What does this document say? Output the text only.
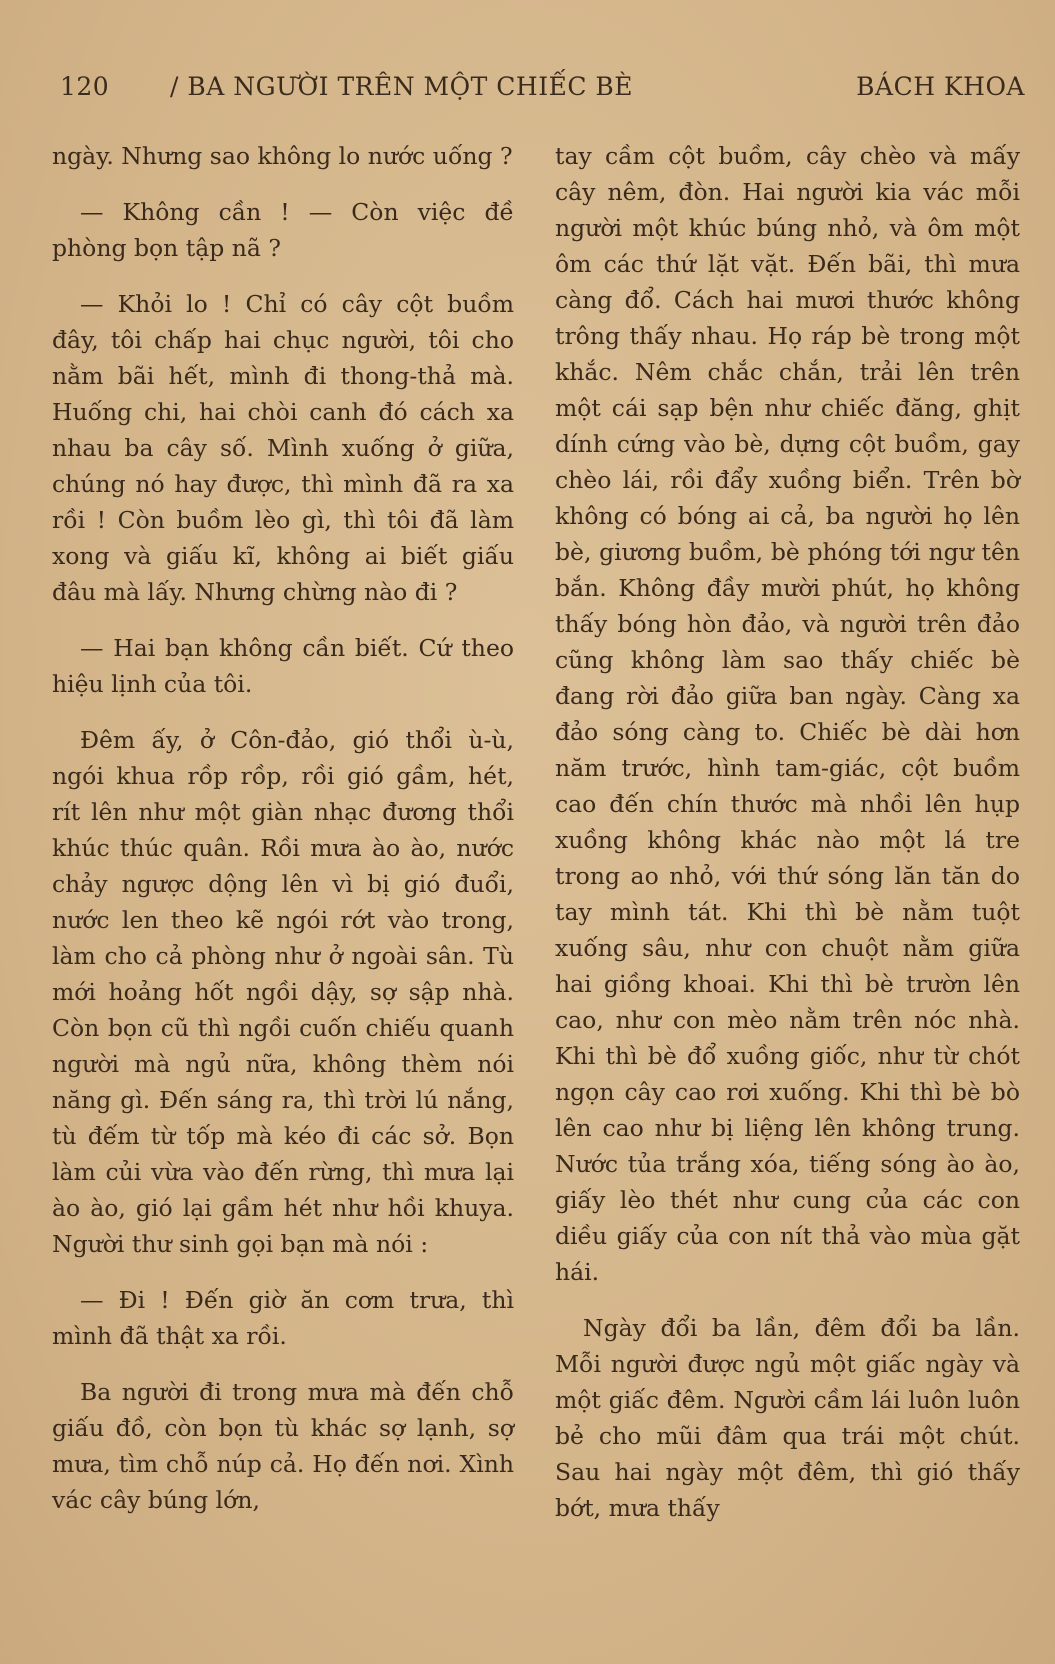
120 / BA NGƯỜI TRÊN MỘT CHIẾC BÈ	BÁCH KHOA

ngày. Nhưng sao không lo nước uống ?

— Không cần ! — Còn việc đề phòng bọn tập nã ?

— Khỏi lo ! Chỉ có cây cột buồm đây, tôi chấp hai chục người, tôi cho nằm bãi hết, mình đi thong-thả mà. Huống chi, hai chòi canh đó cách xa nhau ba cây số. Mình xuống ở giữa, chúng nó hay được, thì mình đã ra xa rồi ! Còn buồm lèo gì, thì tôi đã làm xong và giấu kĩ, không ai biết giấu đâu mà lấy. Nhưng chừng nào đi ?

— Hai bạn không cần biết. Cứ theo hiệu lịnh của tôi.

Đêm ấy, ở Côn-đảo, gió thổi ù-ù, ngói khua rồp rồp, rồi gió gầm, hét, rít lên như một giàn nhạc đương thổi khúc thúc quân. Rồi mưa ào ào, nước chảy ngược dộng lên vì bị gió đuổi, nước len theo kẽ ngói rớt vào trong, làm cho cả phòng như ở ngoài sân. Tù mới hoảng hốt ngồi dậy, sợ sập nhà. Còn bọn cũ thì ngồi cuốn chiếu quanh người mà ngủ nữa, không thèm nói năng gì. Đến sáng ra, thì trời lú nắng, tù đếm từ tốp mà kéo đi các sở. Bọn làm củi vừa vào đến rừng, thì mưa lại ào ào, gió lại gầm hét như hồi khuya. Người thư sinh gọi bạn mà nói :

— Đi ! Đến giờ ăn cơm trưa, thì mình đã thật xa rồi.

Ba người đi trong mưa mà đến chỗ giấu đồ, còn bọn tù khác sợ lạnh, sợ mưa, tìm chỗ núp cả. Họ đến nơi. Xình vác cây búng lớn,

tay cầm cột buồm, cây chèo và mấy cây nêm, đòn. Hai người kia vác mỗi người một khúc búng nhỏ, và ôm một ôm các thứ lặt vặt. Đến bãi, thì mưa càng đổ. Cách hai mươi thước không trông thấy nhau. Họ ráp bè trong một khắc. Nêm chắc chắn, trải lên trên một cái sạp bện như chiếc đăng, ghịt dính cứng vào bè, dựng cột buồm, gay chèo lái, rồi đẩy xuồng biển. Trên bờ không có bóng ai cả, ba người họ lên bè, giương buồm, bè phóng tới ngư tên bắn. Không đầy mười phút, họ không thấy bóng hòn đảo, và người trên đảo cũng không làm sao thấy chiếc bè đang rời đảo giữa ban ngày. Càng xa đảo sóng càng to. Chiếc bè dài hơn năm trước, hình tam-giác, cột buồm cao đến chín thước mà nhồi lên hụp xuồng không khác nào một lá tre trong ao nhỏ, với thứ sóng lăn tăn do tay mình tát. Khi thì bè nằm tuột xuống sâu, như con chuột nằm giữa hai giồng khoai. Khi thì bè trườn lên cao, như con mèo nằm trên nóc nhà. Khi thì bè đổ xuồng giốc, như từ chót ngọn cây cao rơi xuống. Khi thì bè bò lên cao như bị liệng lên không trung. Nước tủa trắng xóa, tiếng sóng ào ào, giấy lèo thét như cung của các con diều giấy của con nít thả vào mùa gặt hái.

Ngày đổi ba lần, đêm đổi ba lần. Mỗi người được ngủ một giấc ngày và một giấc đêm. Người cầm lái luôn luôn bẻ cho mũi đâm qua trái một chút. Sau hai ngày một đêm, thì gió thấy bớt, mưa thấy
